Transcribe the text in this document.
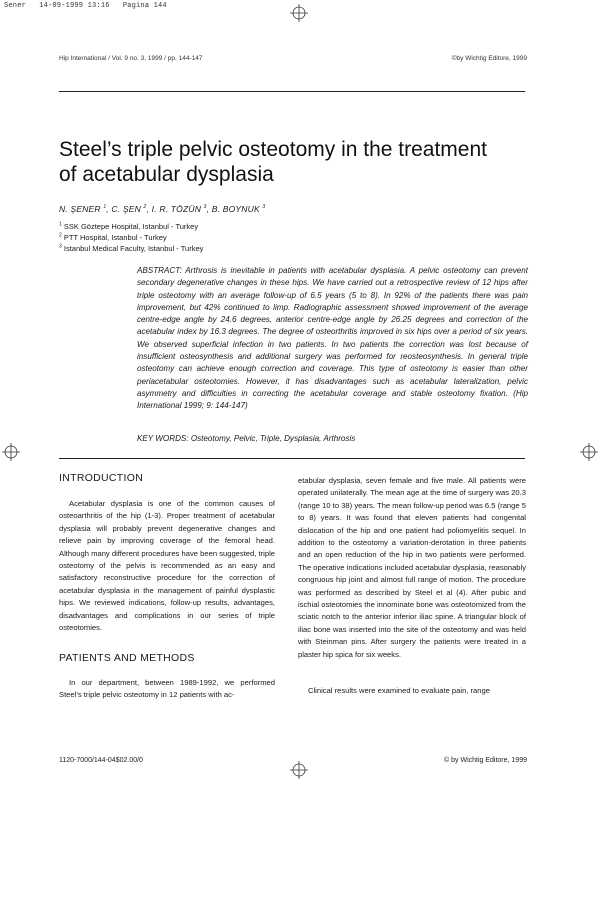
Sener   14-09-1999 13:16   Pagina 144
Hip International / Vol. 9 no. 3, 1999 / pp. 144-147	©by Wichtig Editore, 1999
Steel’s triple pelvic osteotomy in the treatment
of acetabular dysplasia
N. ŞENER $^1$, C. ŞEN $^2$, I. R. TÖZÜN $^3$, B. BOYNUK $^3$
$^1$ SSK Göztepe Hospital, Istanbul - Turkey
$^2$ PTT Hospital, Istanbul - Turkey
$^3$ Istanbul Medical Faculty, Istanbul - Turkey

ABSTRACT: Arthrosis is inevitable in patients with acetabular dysplasia. A pelvic osteotomy can prevent secondary degenerative changes in these hips. We have carried out a retrospective review of 12 hips after triple osteotomy with an average follow-up of 6.5 years (5 to 8). In 92% of the patients there was pain improvement, but 42% continued to limp. Radiographic assessment showed improvement of the average centre-edge angle by 24.6 degrees, anterior centre-edge angle by 26.25 degrees and correction of the acetabular index by 16.3 degrees. The degree of osteorthritis improved in six hips over a period of six years. We observed superficial infection in two patients. In two patients the correction was lost because of insufficient osteosynthesis and additional surgery was performed for reosteosynthesis. In general triple osteotomy can achieve enough correction and coverage. This type of osteotomy is easier than other periacetabular osteotomies. However, it has disadvantages such as acetabular lateralization, pelvic asymmetry and difficulties in correcting the acetabular coverage and stable osteotomy fixation. (Hip International 1999; 9: 144-147)

KEY WORDS: Osteotomy, Pelvic, Triple, Dysplasia, Arthrosis
INTRODUCTION

Acetabular dysplasia is one of the common causes of osteoarthritis of the hip (1-3). Proper treatment of acetabular dysplasia will probably prevent degenerative changes and relieve pain by improving coverage of the femoral head. Although many different procedures have been suggested, triple osteotomy of the pelvis is recommended as an easy and satisfactory reconstructive procedure for the correction of acetabular dysplasia in the management of painful dysplastic hips. We reviewed indications, follow-up results, advantages, disadvantages and complications in our series of triple osteotomies.

PATIENTS AND METHODS

In our department, between 1989-1992, we performed Steel’s triple pelvic osteotomy in 12 patients with ac-

etabular dysplasia, seven female and five male. All patients were operated unilaterally. The mean age at the time of surgery was 20.3 (range 10 to 38) years. The mean follow-up period was 6.5 (range 5 to 8) years. It was found that eleven patients had congenital dislocation of the hip and one patient had poliomyelitis sequel. In addition to the osteotomy a variation-derotation in three patients and an open reduction of the hip in two patients were performed. The operative indications included acetabular dysplasia, reasonably congruous hip joint and almost full range of motion. The procedure was performed as described by Steel et al (4). After pubic and ischial osteotomies the innominate bone was osteotomized from the sciatic notch to the anterior inferior iliac spine. A triangular block of iliac bone was inserted into the site of the osteotomy and was held with Steinman pins. After surgery the patients were treated in a plaster hip spica for six weeks.

Clinical results were examined to evaluate pain, range

1120-7000/144-04$02.00/0	© by Wichtig Editore, 1999
